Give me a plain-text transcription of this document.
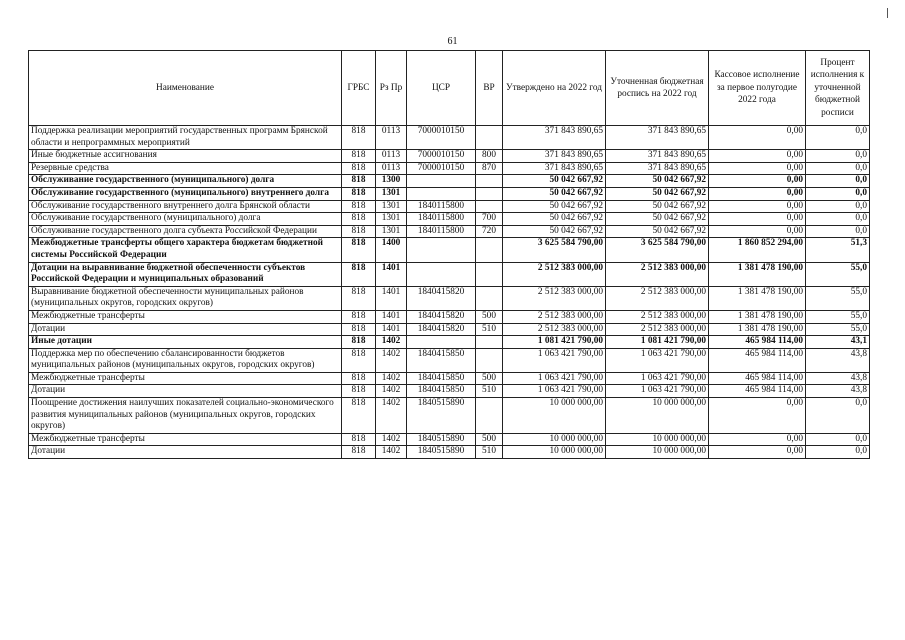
61
Наименование	ГРБС	Рз Пр	ЦСР	ВР	Утверждено на 2022 год	Уточненная бюджетная роспись на 2022 год	Кассовое исполнение за первое полугодие 2022 года	Процент исполнения к уточненной бюджетной росписи
Поддержка реализации мероприятий государственных программ Брянской области и непрограммных мероприятий	818	0113	7000010150		371 843 890,65	371 843 890,65	0,00	0,0
Иные бюджетные ассигнования	818	0113	7000010150	800	371 843 890,65	371 843 890,65	0,00	0,0
Резервные средства	818	0113	7000010150	870	371 843 890,65	371 843 890,65	0,00	0,0
Обслуживание государственного (муниципального) долга	818	1300			50 042 667,92	50 042 667,92	0,00	0,0
Обслуживание государственного (муниципального) внутреннего долга	818	1301			50 042 667,92	50 042 667,92	0,00	0,0
Обслуживание государственного внутреннего долга Брянской области	818	1301	1840115800		50 042 667,92	50 042 667,92	0,00	0,0
Обслуживание государственного (муниципального) долга	818	1301	1840115800	700	50 042 667,92	50 042 667,92	0,00	0,0
Обслуживание государственного долга субъекта Российской Федерации	818	1301	1840115800	720	50 042 667,92	50 042 667,92	0,00	0,0
Межбюджетные трансферты общего характера бюджетам бюджетной системы Российской Федерации	818	1400			3 625 584 790,00	3 625 584 790,00	1 860 852 294,00	51,3
Дотации на выравнивание бюджетной обеспеченности субъектов Российской Федерации и муниципальных образований	818	1401			2 512 383 000,00	2 512 383 000,00	1 381 478 190,00	55,0
Выравнивание бюджетной обеспеченности муниципальных районов (муниципальных округов, городских округов)	818	1401	1840415820		2 512 383 000,00	2 512 383 000,00	1 381 478 190,00	55,0
Межбюджетные трансферты	818	1401	1840415820	500	2 512 383 000,00	2 512 383 000,00	1 381 478 190,00	55,0
Дотации	818	1401	1840415820	510	2 512 383 000,00	2 512 383 000,00	1 381 478 190,00	55,0
Иные дотации	818	1402			1 081 421 790,00	1 081 421 790,00	465 984 114,00	43,1
Поддержка мер по обеспечению сбалансированности бюджетов муниципальных районов (муниципальных округов, городских округов)	818	1402	1840415850		1 063 421 790,00	1 063 421 790,00	465 984 114,00	43,8
Межбюджетные трансферты	818	1402	1840415850	500	1 063 421 790,00	1 063 421 790,00	465 984 114,00	43,8
Дотации	818	1402	1840415850	510	1 063 421 790,00	1 063 421 790,00	465 984 114,00	43,8
Поощрение достижения наилучших показателей социально-экономического развития муниципальных районов (муниципальных округов, городских округов)	818	1402	1840515890		10 000 000,00	10 000 000,00	0,00	0,0
Межбюджетные трансферты	818	1402	1840515890	500	10 000 000,00	10 000 000,00	0,00	0,0
Дотации	818	1402	1840515890	510	10 000 000,00	10 000 000,00	0,00	0,0
